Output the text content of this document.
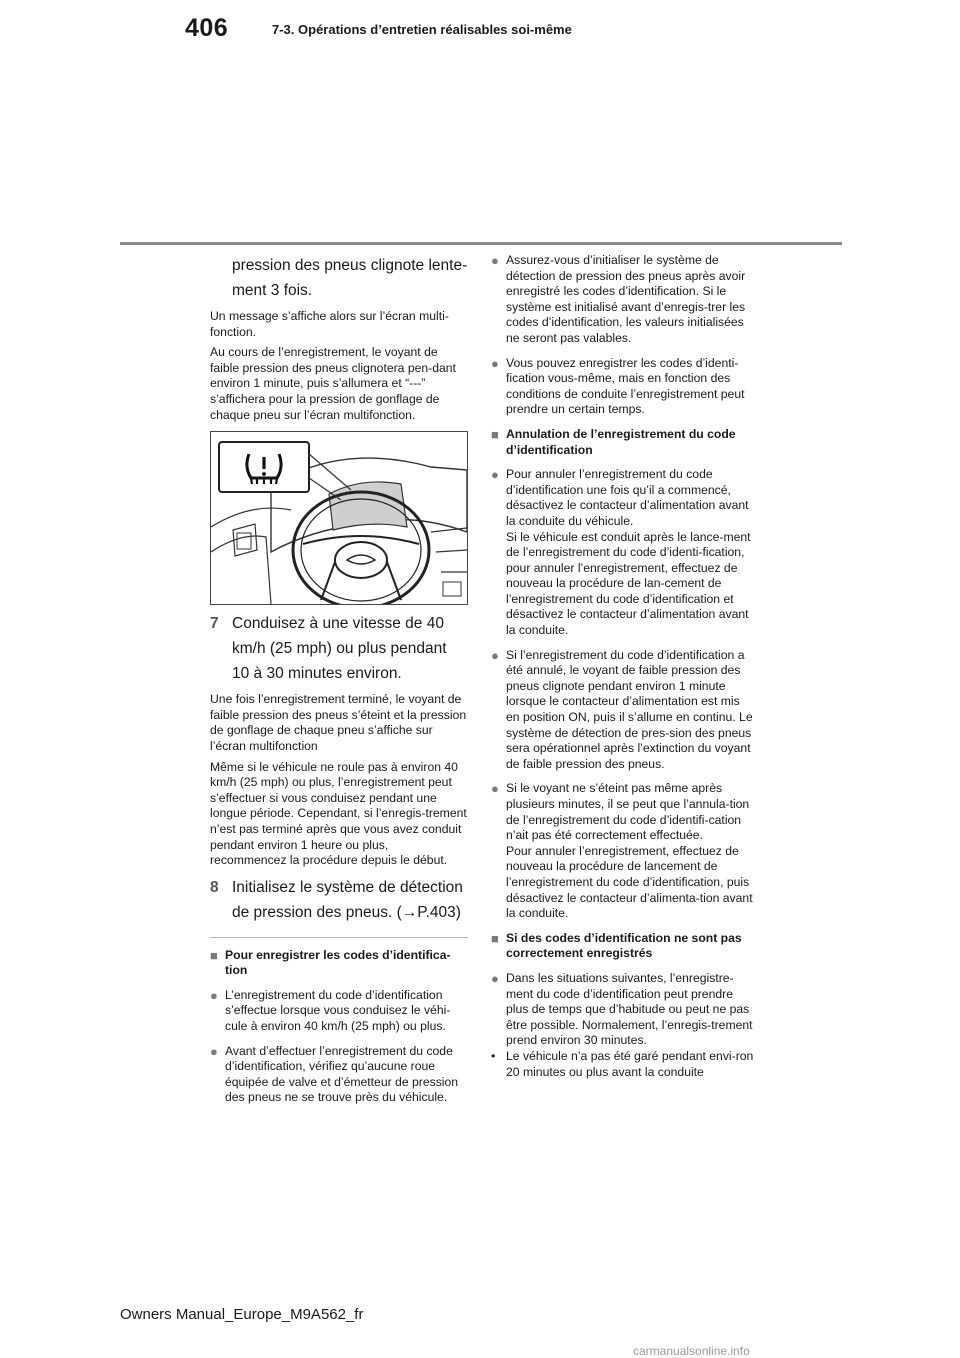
406	7-3. Opérations d’entretien réalisables soi-même

pression des pneus clignote lente-

ment 3 fois.

Un message s’affiche alors sur l’écran multi-fonction.

Au cours de l’enregistrement, le voyant de faible pression des pneus clignotera pen-dant environ 1 minute, puis s’allumera et “---” s’affichera pour la pression de gonflage de chaque pneu sur l’écran multifonction.

7 Conduisez à une vitesse de 40 km/h (25 mph) ou plus pendant 10 à 30 minutes environ.

Une fois l’enregistrement terminé, le voyant de faible pression des pneus s’éteint et la pression de gonflage de chaque pneu s’affiche sur l’écran multifonction

Même si le véhicule ne roule pas à environ 40 km/h (25 mph) ou plus, l’enregistrement peut s’effectuer si vous conduisez pendant une longue période. Cependant, si l’enregis-trement n’est pas terminé après que vous avez conduit pendant environ 1 heure ou plus, recommencez la procédure depuis le début.

8 Initialisez le système de détection de pression des pneus. (→P.403)
■ Pour enregistrer les codes d’identifica-tion
● L’enregistrement du code d’identification s’effectue lorsque vous conduisez le véhi-cule à environ 40 km/h (25 mph) ou plus.
● Avant d’effectuer l’enregistrement du code d’identification, vérifiez qu’aucune roue équipée de valve et d’émetteur de pression des pneus ne se trouve près du véhicule.
● Assurez-vous d’initialiser le système de détection de pression des pneus après avoir enregistré les codes d’identification. Si le système est initialisé avant d’enregis-trer les codes d’identification, les valeurs initialisées ne seront pas valables.
● Vous pouvez enregistrer les codes d’identi-fication vous-même, mais en fonction des conditions de conduite l’enregistrement peut prendre un certain temps.
■ Annulation de l’enregistrement du code d’identification
● Pour annuler l’enregistrement du code d’identification une fois qu’il a commencé, désactivez le contacteur d’alimentation avant la conduite du véhicule.
Si le véhicule est conduit après le lance-ment de l’enregistrement du code d’identi-fication, pour annuler l’enregistrement, effectuez de nouveau la procédure de lan-cement de l’enregistrement du code d’identification et désactivez le contacteur d’alimentation avant la conduite.
● Si l’enregistrement du code d’identification a été annulé, le voyant de faible pression des pneus clignote pendant environ 1 minute lorsque le contacteur d’alimentation est mis en position ON, puis il s’allume en continu. Le système de détection de pres-sion des pneus sera opérationnel après l’extinction du voyant de faible pression des pneus.
● Si le voyant ne s’éteint pas même après plusieurs minutes, il se peut que l’annula-tion de l’enregistrement du code d’identifi-cation n’ait pas été correctement effectuée.
Pour annuler l’enregistrement, effectuez de nouveau la procédure de lancement de l’enregistrement du code d’identification, puis désactivez le contacteur d’alimenta-tion avant la conduite.
■ Si des codes d’identification ne sont pas correctement enregistrés
● Dans les situations suivantes, l’enregistre-ment du code d’identification peut prendre plus de temps que d’habitude ou peut ne pas être possible. Normalement, l’enregis-trement prend environ 30 minutes.
• Le véhicule n’a pas été garé pendant envi-ron 20 minutes ou plus avant la conduite
Owners Manual_Europe_M9A562_fr
carmanualsonline.info
